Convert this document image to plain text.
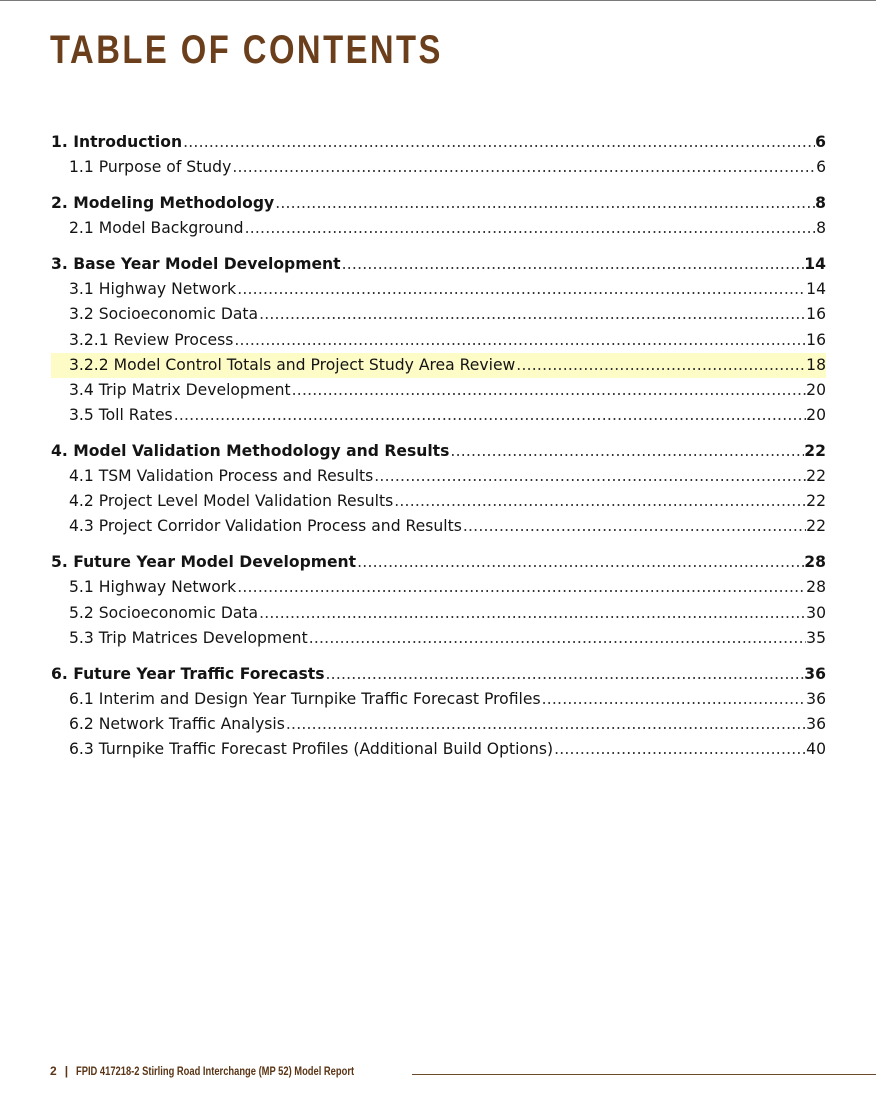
TABLE OF CONTENTS
1. Introduction .....	6
1.1 Purpose of Study .....	6
2. Modeling Methodology .....	8
2.1 Model Background .....	8
3. Base Year Model Development .....	14
3.1 Highway Network .....	14
3.2 Socioeconomic Data .....	16
3.2.1 Review Process .....	16
3.2.2 Model Control Totals and Project Study Area Review .....	18
3.4 Trip Matrix Development .....	20
3.5 Toll Rates .....	20
4. Model Validation Methodology and Results .....	22
4.1 TSM Validation Process and Results .....	22
4.2 Project Level Model Validation Results .....	22
4.3 Project Corridor Validation Process and Results .....	22
5. Future Year Model Development .....	28
5.1 Highway Network .....	28
5.2 Socioeconomic Data .....	30
5.3 Trip Matrices Development .....	35
6. Future Year Traffic Forecasts .....	36
6.1 Interim and Design Year Turnpike Traffic Forecast Profiles .....	36
6.2 Network Traffic Analysis .....	36
6.3 Turnpike Traffic Forecast Profiles (Additional Build Options) .....	40
2 | FPID 417218-2 Stirling Road Interchange (MP 52) Model Report
